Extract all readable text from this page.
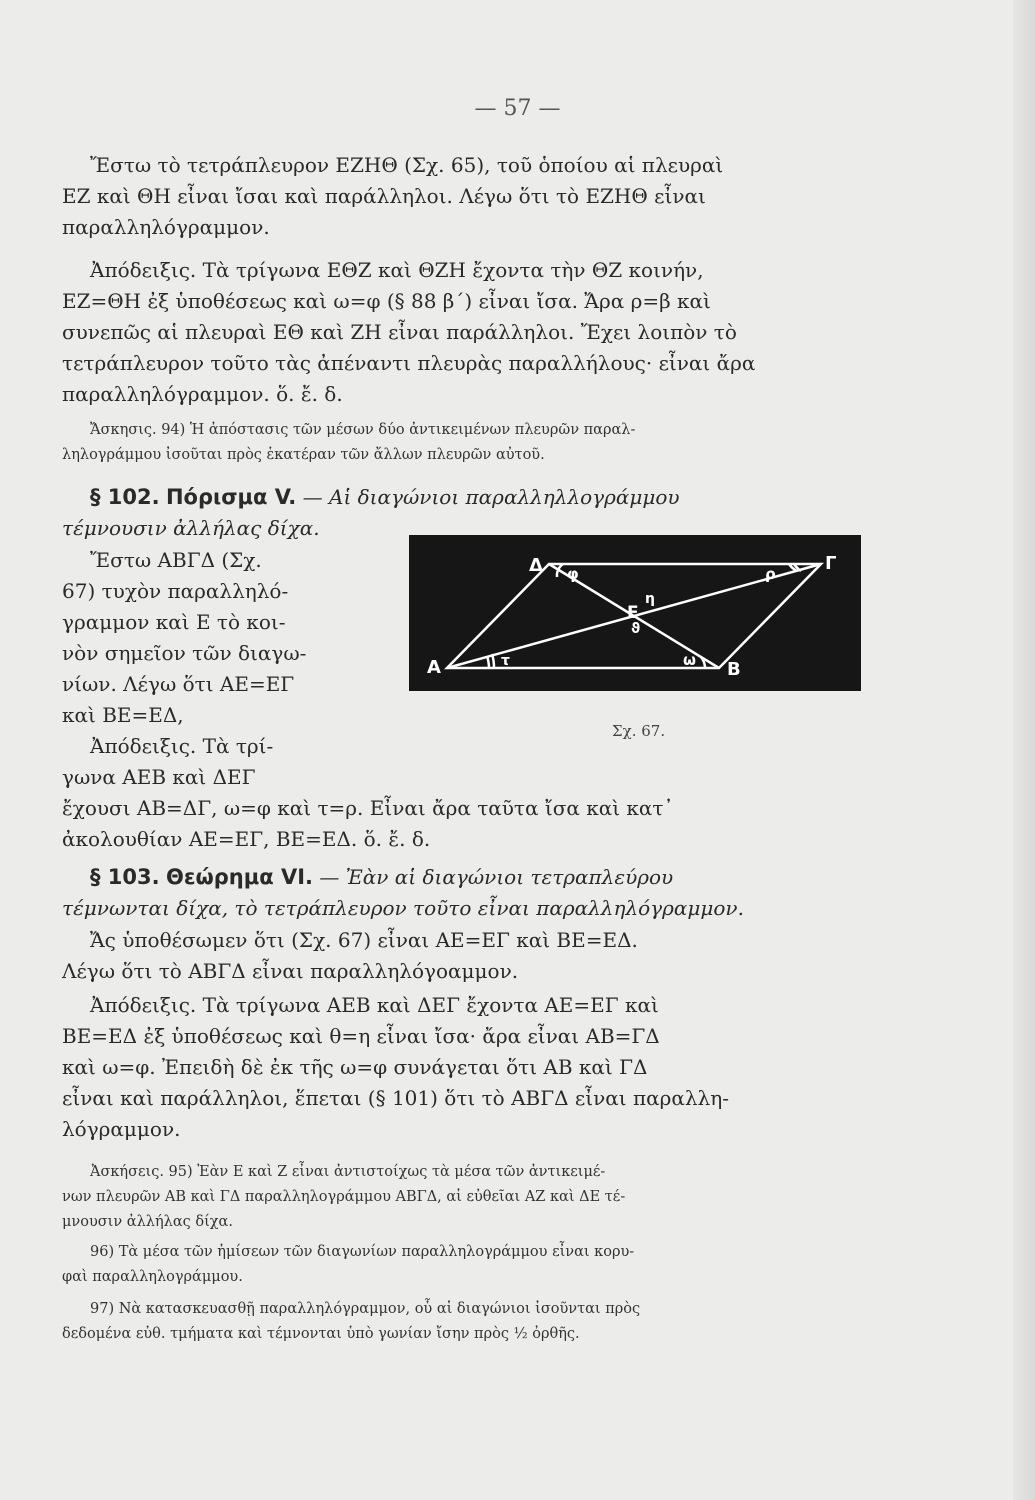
— 57 —

Ἔστω τὸ τετράπλευρον ΕΖΗΘ (Σχ. 65), τοῦ ὁποίου αἱ πλευραὶ
ΕΖ καὶ ΘΗ εἶναι ἴσαι καὶ παράλληλοι. Λέγω ὅτι τὸ ΕΖΗΘ εἶναι
παραλληλόγραμμον.

Ἀπόδειξις. Τὰ τρίγωνα ΕΘΖ καὶ ΘΖΗ ἔχοντα τὴν ΘΖ κοινήν,
ΕΖ=ΘΗ ἐξ ὑποθέσεως καὶ ω=φ (§ 88 β΄) εἶναι ἴσα. Ἄρα ρ=β καὶ
συνεπῶς αἱ πλευραὶ ΕΘ καὶ ΖΗ εἶναι παράλληλοι. Ἔχει λοιπὸν τὸ
τετράπλευρον τοῦτο τὰς ἀπέναντι πλευρὰς παραλλήλους· εἶναι ἄρα
παραλληλόγραμμον. ὅ. ἔ. δ.

Ἄσκησις. 94) Ἡ ἀπόστασις τῶν μέσων δύο ἀντικειμένων πλευρῶν παραλ-
ληλογράμμου ἰσοῦται πρὸς ἑκατέραν τῶν ἄλλων πλευρῶν αὐτοῦ.

§ 102. Πόρισμα V. — Αἱ διαγώνιοι παραλληλλογράμμου
τέμνουσιν ἀλλήλας δίχα.

Ἔστω ΑΒΓΔ (Σχ.
67) τυχὸν παραλληλό-
γραμμον καὶ Ε τὸ κοι-
νὸν σημεῖον τῶν διαγω-
νίων. Λέγω ὅτι ΑΕ=ΕΓ
καὶ ΒΕ=ΕΔ,
Ἀπόδειξις. Τὰ τρί-
γωνα ΑΕΒ καὶ ΔΕΓ

Δ	Γ
Α	Β
Ε
φ	ρ
η
ϑ
τ	ω
Σχ. 67.

ἔχουσι ΑΒ=ΔΓ, ω=φ καὶ τ=ρ. Εἶναι ἄρα ταῦτα ἴσα καὶ κατ᾽
ἀκολουθίαν ΑΕ=ΕΓ, ΒΕ=ΕΔ. ὅ. ἔ. δ.

§ 103. Θεώρημα VI. — Ἐὰν αἱ διαγώνιοι τετραπλεύρου
τέμνωνται δίχα, τὸ τετράπλευρον τοῦτο εἶναι παραλληλόγραμμον.

Ἄς ὑποθέσωμεν ὅτι (Σχ. 67) εἶναι ΑΕ=ΕΓ καὶ ΒΕ=ΕΔ.
Λέγω ὅτι τὸ ΑΒΓΔ εἶναι παραλληλόγοαμμον.

Ἀπόδειξις. Τὰ τρίγωνα ΑΕΒ καὶ ΔΕΓ ἔχοντα ΑΕ=ΕΓ καὶ
ΒΕ=ΕΔ ἐξ ὑποθέσεως καὶ θ=η εἶναι ἴσα· ἄρα εἶναι ΑΒ=ΓΔ
καὶ ω=φ. Ἐπειδὴ δὲ ἐκ τῆς ω=φ συνάγεται ὅτι ΑΒ καὶ ΓΔ
εἶναι καὶ παράλληλοι, ἕπεται (§ 101) ὅτι τὸ ΑΒΓΔ εἶναι παραλλη-
λόγραμμον.

Ἀσκήσεις. 95) Ἐὰν Ε καὶ Ζ εἶναι ἀντιστοίχως τὰ μέσα τῶν ἀντικειμέ-
νων πλευρῶν ΑΒ καὶ ΓΔ παραλληλογράμμου ΑΒΓΔ, αἱ εὐθεῖαι ΑΖ καὶ ΔΕ τέ-
μνουσιν ἀλλήλας δίχα.

96) Τὰ μέσα τῶν ἡμίσεων τῶν διαγωνίων παραλληλογράμμου εἶναι κορυ-
φαὶ παραλληλογράμμου.

97) Νὰ κατασκευασθῇ παραλληλόγραμμον, οὗ αἱ διαγώνιοι ἰσοῦνται πρὸς
δεδομένα εὐθ. τμήματα καὶ τέμνονται ὑπὸ γωνίαν ἴσην πρὸς ½ ὀρθῆς.
